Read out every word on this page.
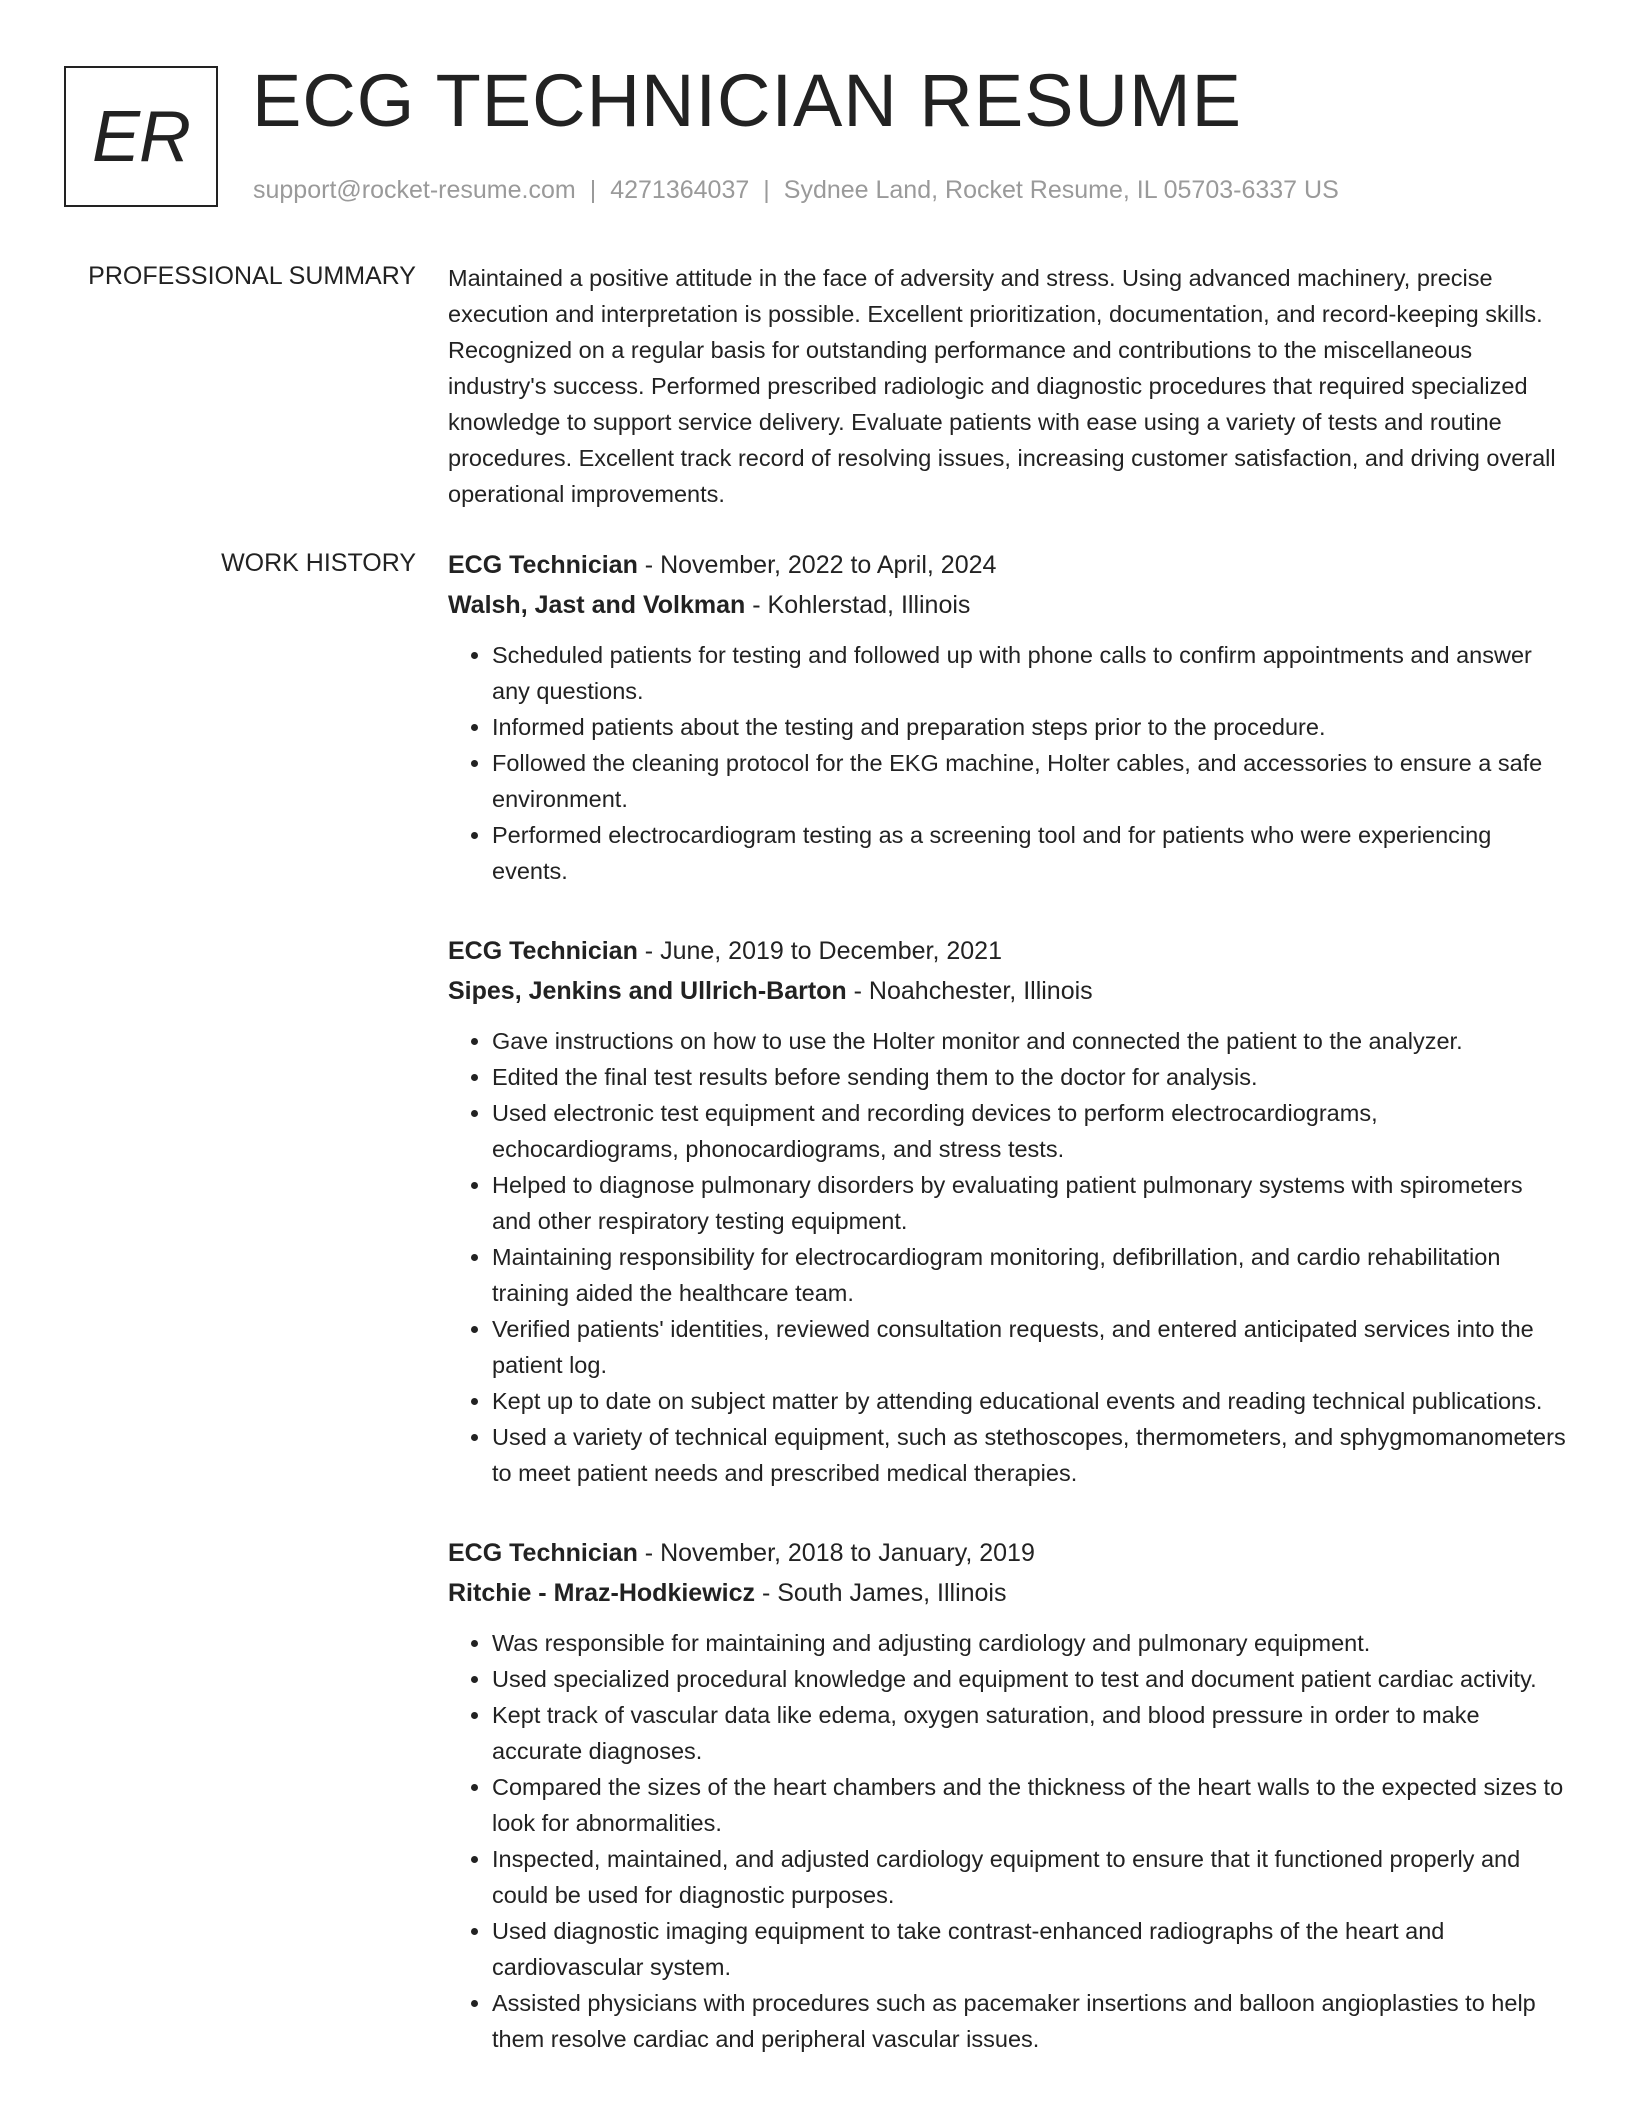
ER ECG TECHNICIAN RESUME
support@rocket-resume.com | 4271364037 | Sydnee Land, Rocket Resume, IL 05703-6337 US
PROFESSIONAL SUMMARY Maintained a positive attitude in the face of adversity and stress. Using advanced machinery, precise execution and interpretation is possible. Excellent prioritization, documentation, and record-keeping skills. Recognized on a regular basis for outstanding performance and contributions to the miscellaneous industry's success. Performed prescribed radiologic and diagnostic procedures that required specialized knowledge to support service delivery. Evaluate patients with ease using a variety of tests and routine procedures. Excellent track record of resolving issues, increasing customer satisfaction, and driving overall operational improvements.

WORK HISTORY ECG Technician - November, 2022 to April, 2024

Walsh, Jast and Volkman - Kohlerstad, Illinois

• Scheduled patients for testing and followed up with phone calls to confirm appointments and answer any questions.
• Informed patients about the testing and preparation steps prior to the procedure.
• Followed the cleaning protocol for the EKG machine, Holter cables, and accessories to ensure a safe environment.
• Performed electrocardiogram testing as a screening tool and for patients who were experiencing events.

ECG Technician - June, 2019 to December, 2021

Sipes, Jenkins and Ullrich-Barton - Noahchester, Illinois

• Gave instructions on how to use the Holter monitor and connected the patient to the analyzer.
• Edited the final test results before sending them to the doctor for analysis.
• Used electronic test equipment and recording devices to perform electrocardiograms, echocardiograms, phonocardiograms, and stress tests.
• Helped to diagnose pulmonary disorders by evaluating patient pulmonary systems with spirometers and other respiratory testing equipment.
• Maintaining responsibility for electrocardiogram monitoring, defibrillation, and cardio rehabilitation training aided the healthcare team.
• Verified patients' identities, reviewed consultation requests, and entered anticipated services into the patient log.
• Kept up to date on subject matter by attending educational events and reading technical publications.
• Used a variety of technical equipment, such as stethoscopes, thermometers, and sphygmomanometers to meet patient needs and prescribed medical therapies.

ECG Technician - November, 2018 to January, 2019

Ritchie - Mraz-Hodkiewicz - South James, Illinois

• Was responsible for maintaining and adjusting cardiology and pulmonary equipment.
• Used specialized procedural knowledge and equipment to test and document patient cardiac activity.
• Kept track of vascular data like edema, oxygen saturation, and blood pressure in order to make accurate diagnoses.
• Compared the sizes of the heart chambers and the thickness of the heart walls to the expected sizes to look for abnormalities.
• Inspected, maintained, and adjusted cardiology equipment to ensure that it functioned properly and could be used for diagnostic purposes.
• Used diagnostic imaging equipment to take contrast-enhanced radiographs of the heart and cardiovascular system.
• Assisted physicians with procedures such as pacemaker insertions and balloon angioplasties to help them resolve cardiac and peripheral vascular issues.
